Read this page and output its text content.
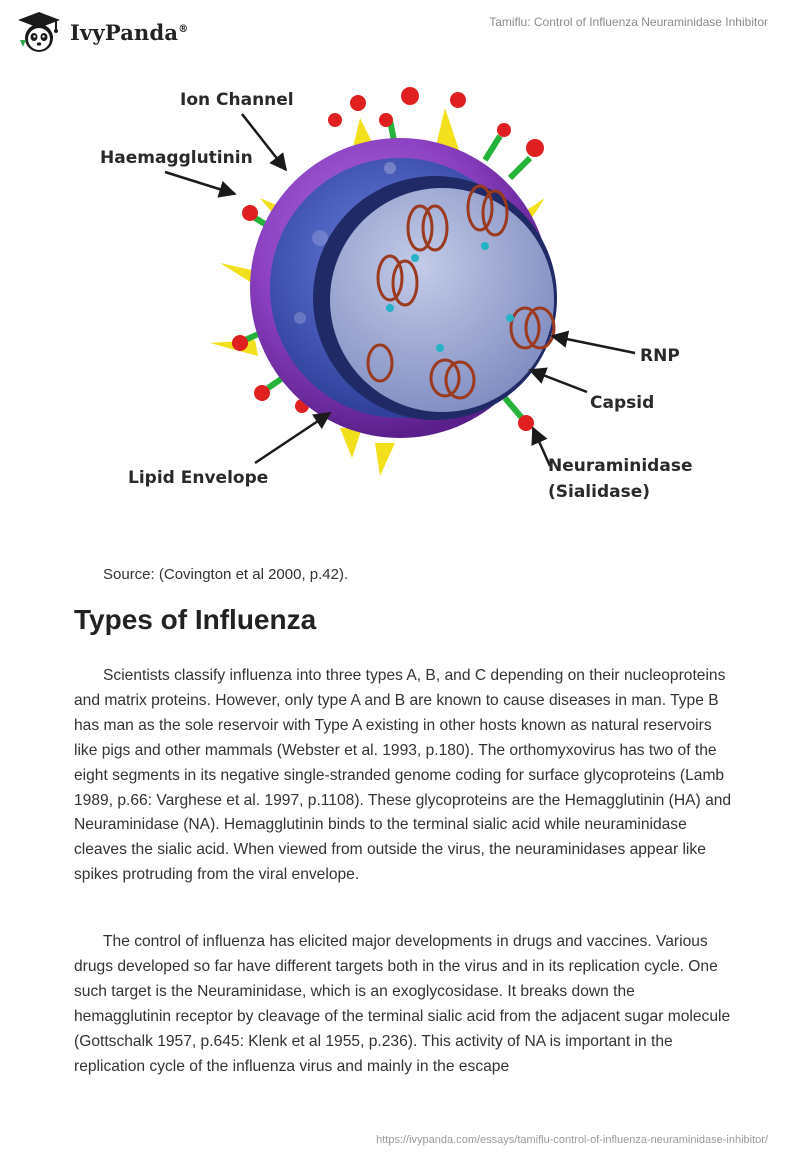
IvyPanda®	Tamiflu: Control of Influenza Neuraminidase Inhibitor
Ion Channel
Haemagglutinin
RNP
Capsid
Lipid Envelope
Neuraminidase
(Sialidase)
Source: (Covington et al 2000, p.42).
Types of Influenza

Scientists classify influenza into three types A, B, and C depending on their nucleoproteins and matrix proteins. However, only type A and B are known to cause diseases in man. Type B has man as the sole reservoir with Type A existing in other hosts known as natural reservoirs like pigs and other mammals (Webster et al. 1993, p.180). The orthomyxovirus has two of the eight segments in its negative single-stranded genome coding for surface glycoproteins (Lamb 1989, p.66: Varghese et al. 1997, p.1108). These glycoproteins are the Hemagglutinin (HA) and Neuraminidase (NA). Hemagglutinin binds to the terminal sialic acid while neuraminidase cleaves the sialic acid. When viewed from outside the virus, the neuraminidases appear like spikes protruding from the viral envelope.

The control of influenza has elicited major developments in drugs and vaccines. Various drugs developed so far have different targets both in the virus and in its replication cycle. One such target is the Neuraminidase, which is an exoglycosidase. It breaks down the hemagglutinin receptor by cleavage of the terminal sialic acid from the adjacent sugar molecule (Gottschalk 1957, p.645: Klenk et al 1955, p.236). This activity of NA is important in the replication cycle of the influenza virus and mainly in the escape

https://ivypanda.com/essays/tamiflu-control-of-influenza-neuraminidase-inhibitor/
